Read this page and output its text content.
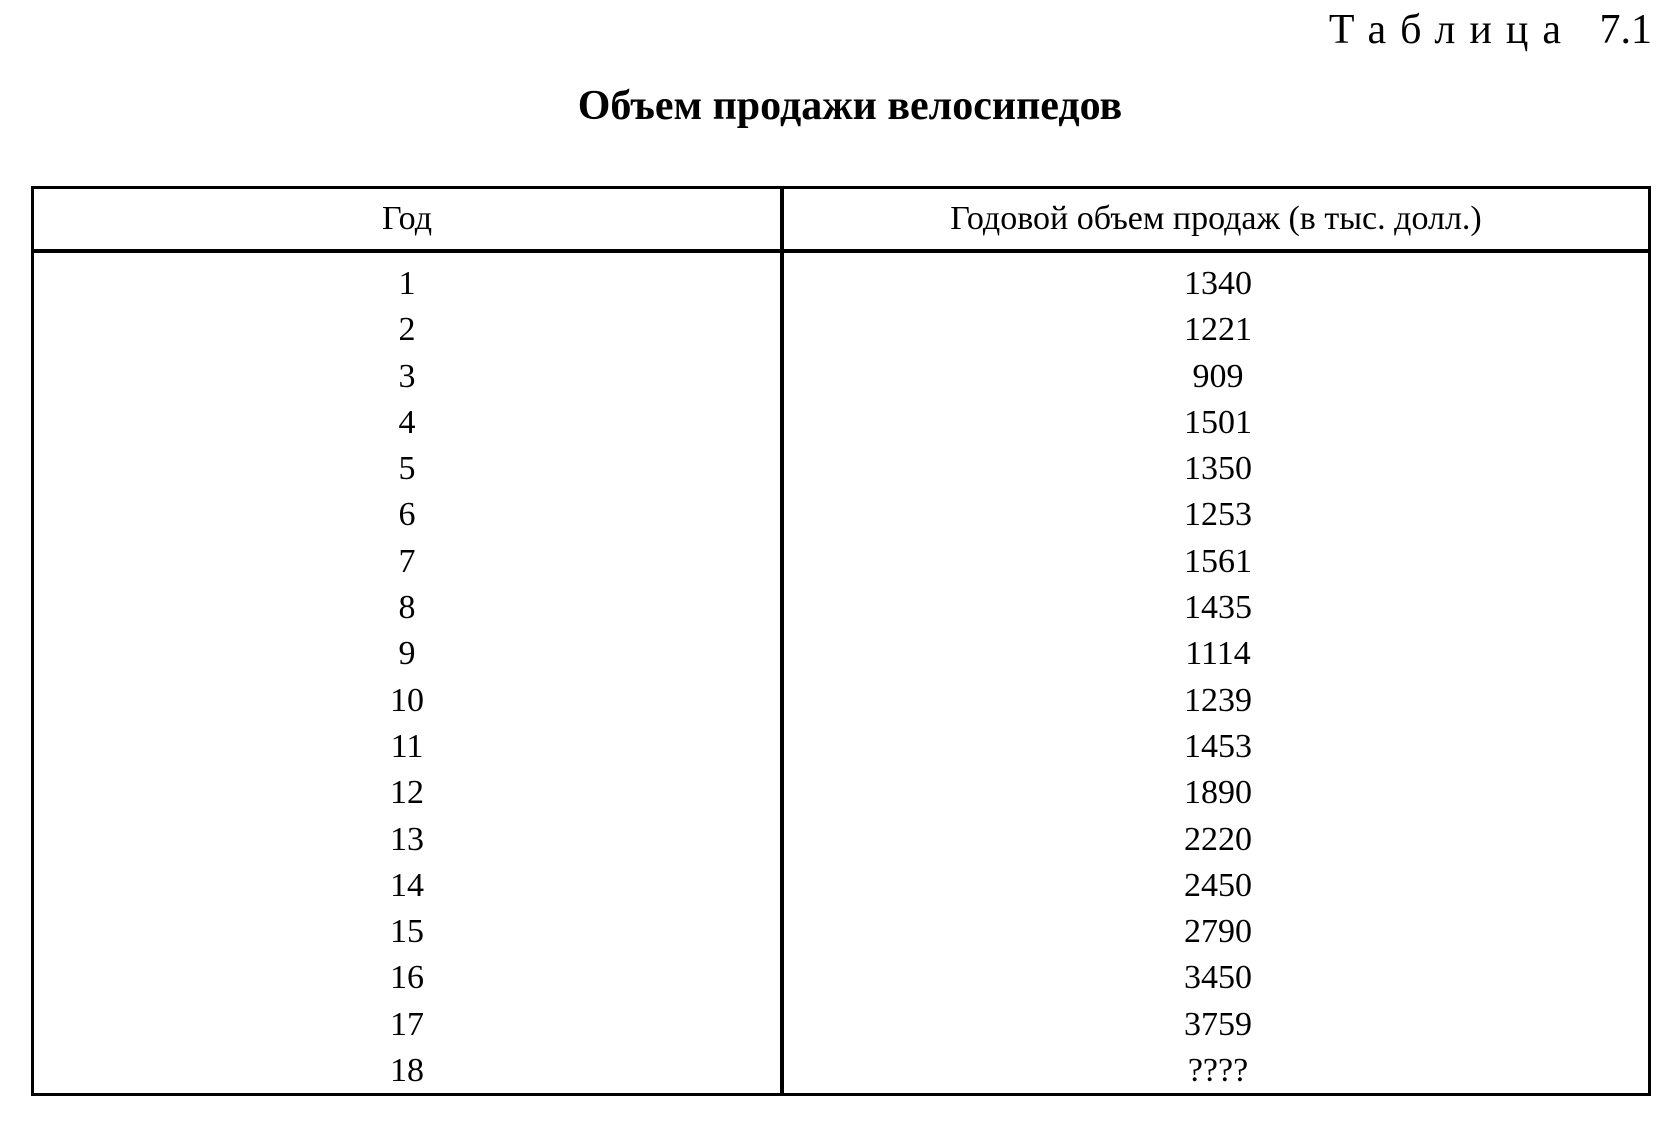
Таблица 7.1
Объем продажи велосипедов
Год	Годовой объем продаж (в тыс. долл.)
1	1340
2	1221
3	909
4	1501
5	1350
6	1253
7	1561
8	1435
9	1114
10	1239
11	1453
12	1890
13	2220
14	2450
15	2790
16	3450
17	3759
18	????
